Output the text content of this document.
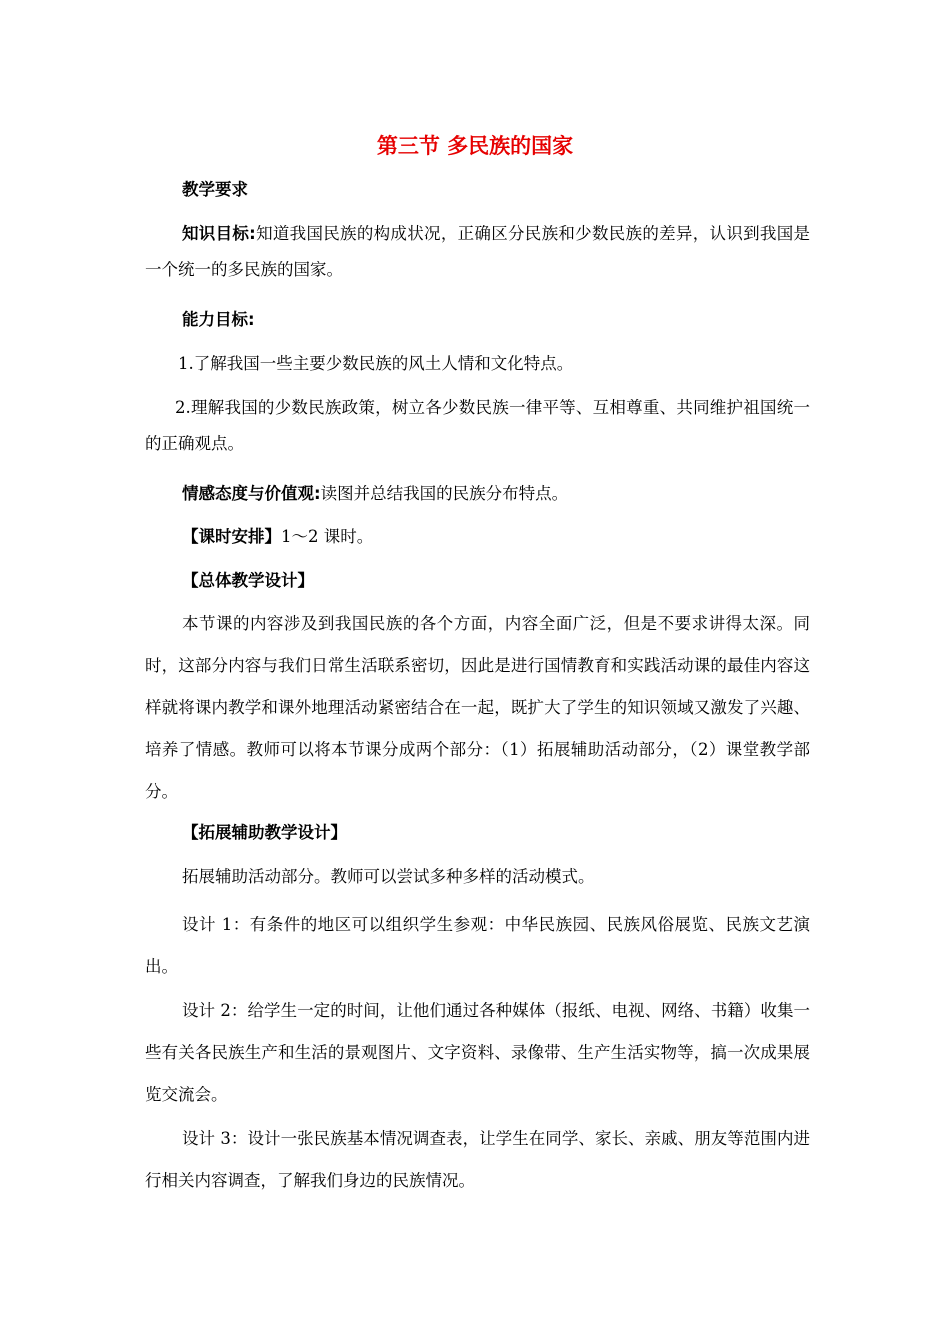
第三节 多民族的国家
教学要求
知识目标:知道我国民族的构成状况，正确区分民族和少数民族的差异，认识到我国是一个统一的多民族的国家。
能力目标:
1.了解我国一些主要少数民族的风土人情和文化特点。
2.理解我国的少数民族政策，树立各少数民族一律平等、互相尊重、共同维护祖国统一的正确观点。
情感态度与价值观:读图并总结我国的民族分布特点。
【课时安排】1～2 课时。
【总体教学设计】
本节课的内容涉及到我国民族的各个方面，内容全面广泛，但是不要求讲得太深。同时，这部分内容与我们日常生活联系密切，因此是进行国情教育和实践活动课的最佳内容这样就将课内教学和课外地理活动紧密结合在一起，既扩大了学生的知识领域又激发了兴趣、培养了情感。教师可以将本节课分成两个部分：（1）拓展辅助活动部分，（2）课堂教学部分。
【拓展辅助教学设计】
拓展辅助活动部分。教师可以尝试多种多样的活动模式。
设计 1：有条件的地区可以组织学生参观：中华民族园、民族风俗展览、民族文艺演出。
设计 2：给学生一定的时间，让他们通过各种媒体（报纸、电视、网络、书籍）收集一些有关各民族生产和生活的景观图片、文字资料、录像带、生产生活实物等，搞一次成果展览交流会。
设计 3：设计一张民族基本情况调查表，让学生在同学、家长、亲戚、朋友等范围内进行相关内容调查，了解我们身边的民族情况。
